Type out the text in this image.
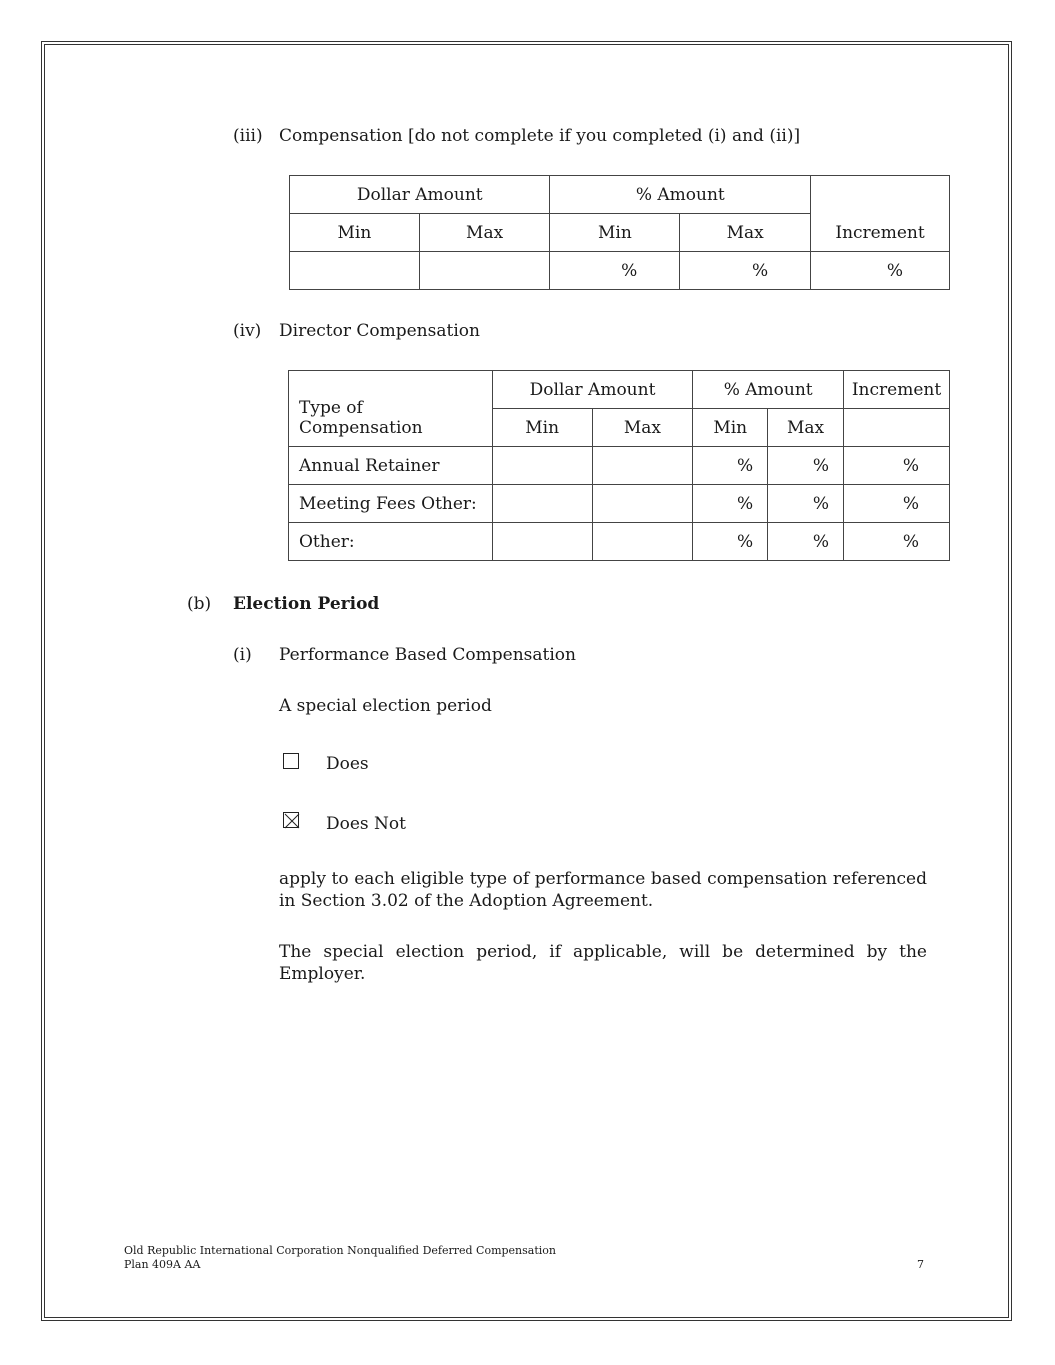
(iii) Compensation [do not complete if you completed (i) and (ii)]
Dollar Amount		% Amount		Increment
Min	Max	Min	Max	
		%	%	%
(iv) Director Compensation
Type of Compensation	Dollar Amount		% Amount		Increment
	Min	Max	Min	Max	
Annual Retainer			%	%	%
Meeting Fees Other:			%	%	%
Other:			%	%	%
(b) Election Period
(i) Performance Based Compensation
A special election period
Does
Does Not
apply to each eligible type of performance based compensation referenced in Section 3.02 of the Adoption Agreement.
The special election period, if applicable, will be determined by the Employer.
Old Republic International Corporation Nonqualified Deferred Compensation
Plan 409A AA	7
